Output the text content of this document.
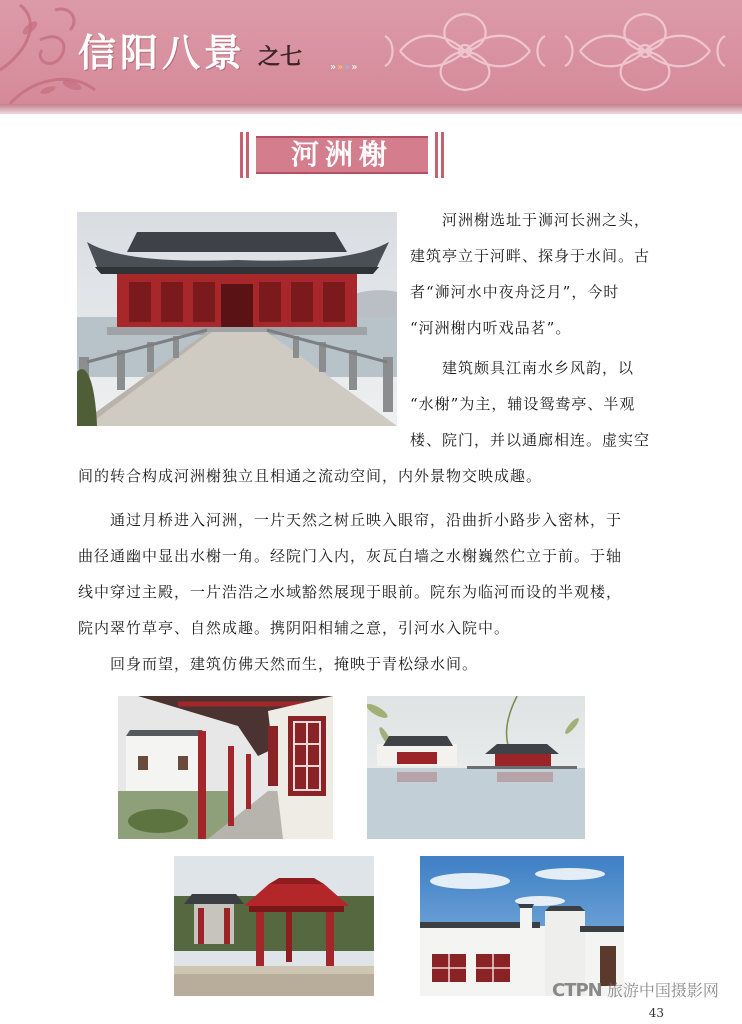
信阳八景 之七	»»»»
河洲榭

河洲榭选址于浉河长洲之头，
建筑亭立于河畔、探身于水间。古
者“浉河水中夜舟泛月”，今时
“河洲榭内听戏品茗”。

建筑颇具江南水乡风韵，以
“水榭”为主，辅设鸳鸯亭、半观
楼、院门，并以通廊相连。虚实空

间的转合构成河洲榭独立且相通之流动空间，内外景物交映成趣。

通过月桥进入河洲，一片天然之树丘映入眼帘，沿曲折小路步入密林，于
曲径通幽中显出水榭一角。经院门入内，灰瓦白墙之水榭巍然伫立于前。于轴
线中穿过主殿，一片浩浩之水域豁然展现于眼前。院东为临河而设的半观楼，
院内翠竹草亭、自然成趣。携阴阳相辅之意，引河水入院中。

回身而望，建筑仿佛天然而生，掩映于青松绿水间。

CTPN 旅游中国摄影网
43
